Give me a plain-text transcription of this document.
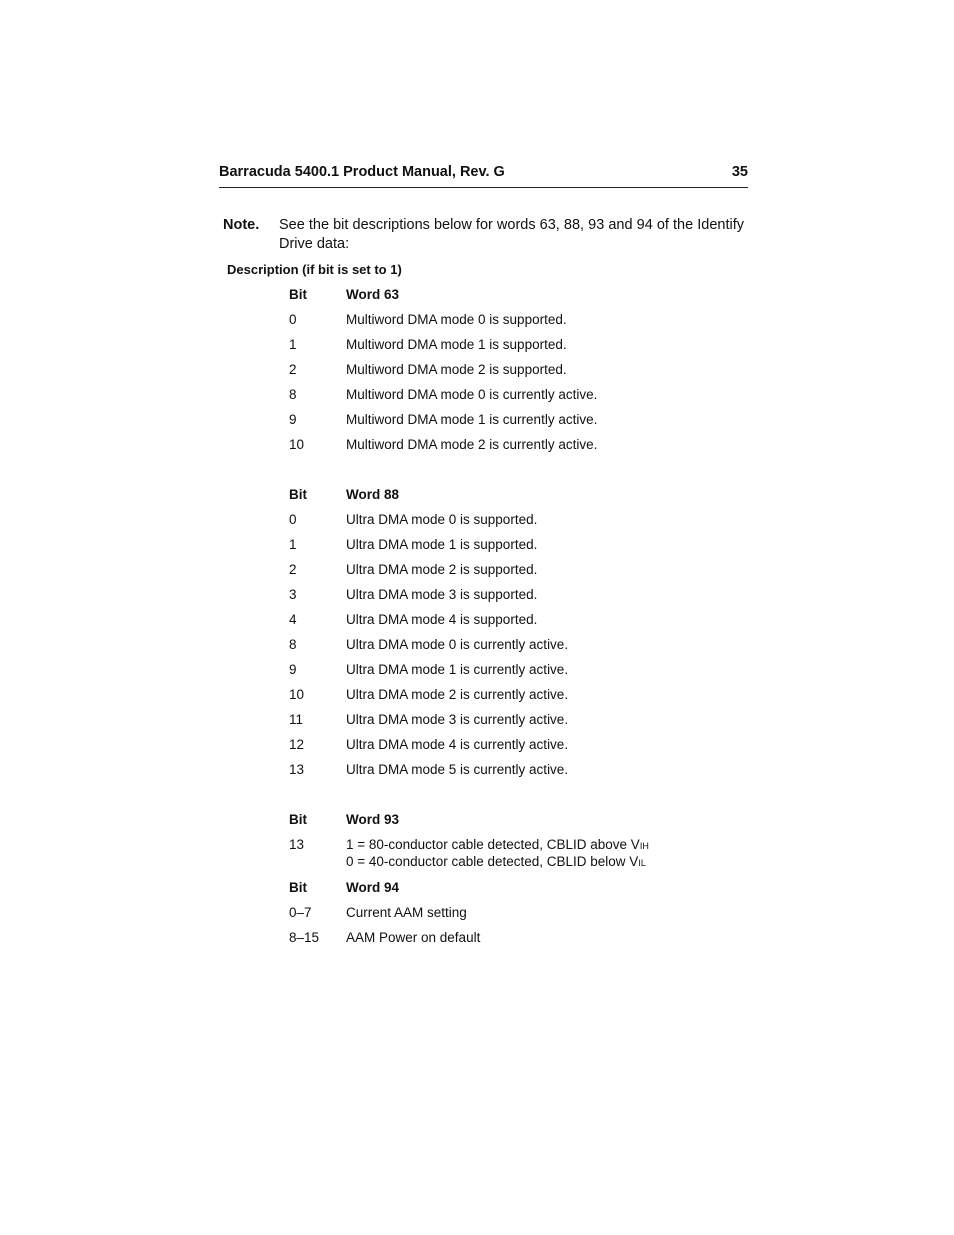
Barracuda 5400.1 Product Manual, Rev. G	35
Note.	See the bit descriptions below for words 63, 88, 93 and 94 of the Identify Drive data:
Description (if bit is set to 1)
Bit	Word 63
0	Multiword DMA mode 0 is supported.
1	Multiword DMA mode 1 is supported.
2	Multiword DMA mode 2 is supported.
8	Multiword DMA mode 0 is currently active.
9	Multiword DMA mode 1 is currently active.
10	Multiword DMA mode 2 is currently active.
Bit	Word 88
0	Ultra DMA mode 0 is supported.
1	Ultra DMA mode 1 is supported.
2	Ultra DMA mode 2 is supported.
3	Ultra DMA mode 3 is supported.
4	Ultra DMA mode 4 is supported.
8	Ultra DMA mode 0 is currently active.
9	Ultra DMA mode 1 is currently active.
10	Ultra DMA mode 2 is currently active.
11	Ultra DMA mode 3 is currently active.
12	Ultra DMA mode 4 is currently active.
13	Ultra DMA mode 5 is currently active.
Bit	Word 93
13	1 = 80-conductor cable detected, CBLID above VIH
0 = 40-conductor cable detected, CBLID below VIL
Bit	Word 94
0–7	Current AAM setting
8–15	AAM Power on default
